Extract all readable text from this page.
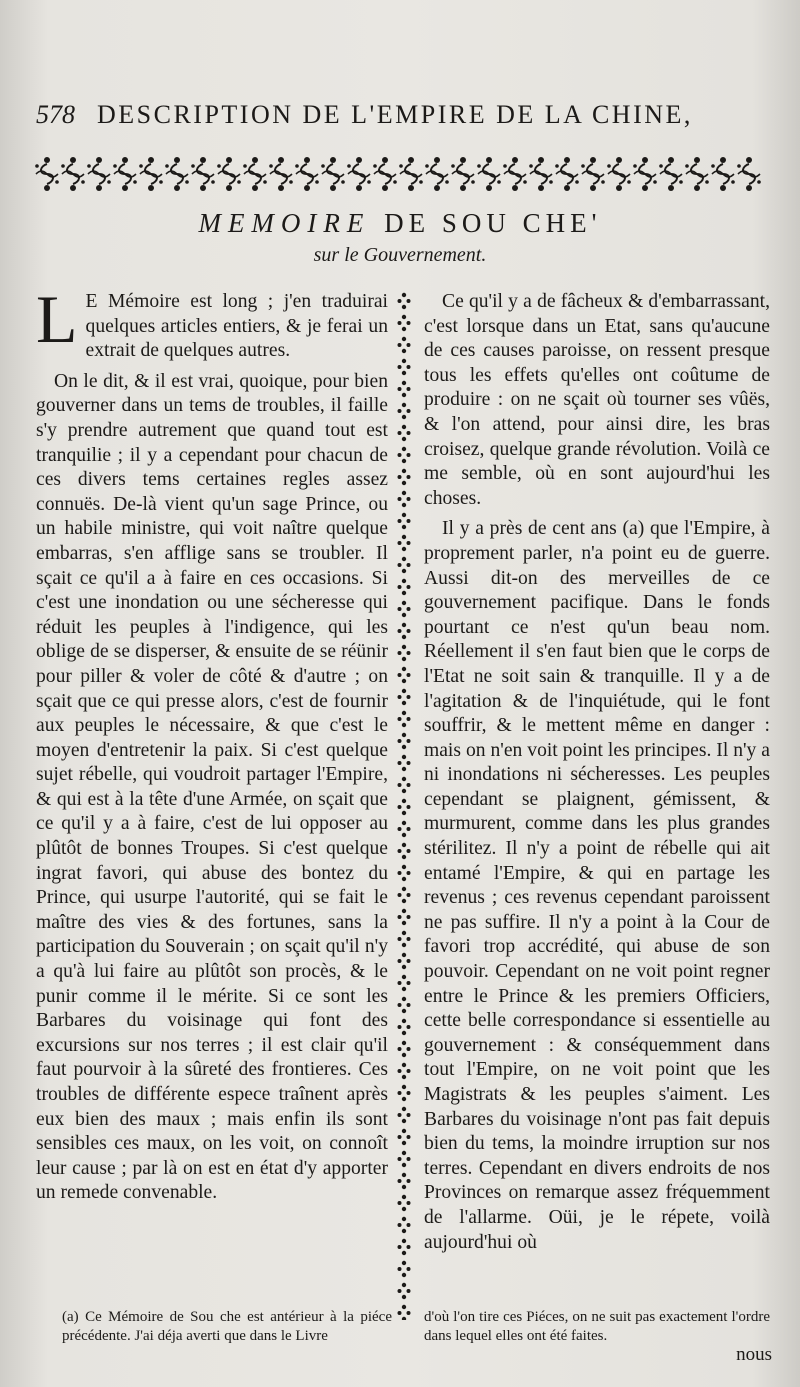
578 DESCRIPTION DE L'EMPIRE DE LA CHINE,
MEMOIRE DE SOU CHE'
sur le Gouvernement.

L E Mémoire est long ; j'en traduirai quelques articles entiers, & je ferai un extrait de quelques autres.

On le dit, & il est vrai, quoique, pour bien gouverner dans un tems de troubles, il faille s'y prendre autrement que quand tout est tranquilie ; il y a cependant pour chacun de ces divers tems certaines regles assez connuës. De-là vient qu'un sage Prince, ou un habile ministre, qui voit naître quelque embarras, s'en afflige sans se troubler. Il sçait ce qu'il a à faire en ces occasions. Si c'est une inondation ou une sécheresse qui réduit les peuples à l'indigence, qui les oblige de se disperser, & ensuite de se réünir pour piller & voler de côté & d'autre ; on sçait que ce qui presse alors, c'est de fournir aux peuples le nécessaire, & que c'est le moyen d'entretenir la paix. Si c'est quelque sujet rébelle, qui voudroit partager l'Empire, & qui est à la tête d'une Armée, on sçait que ce qu'il y a à faire, c'est de lui opposer au plûtôt de bonnes Troupes. Si c'est quelque ingrat favori, qui abuse des bontez du Prince, qui usurpe l'autorité, qui se fait le maître des vies & des fortunes, sans la participation du Souverain ; on sçait qu'il n'y a qu'à lui faire au plûtôt son procès, & le punir comme il le mérite. Si ce sont les Barbares du voisinage qui font des excursions sur nos terres ; il est clair qu'il faut pourvoir à la sûreté des frontieres. Ces troubles de différente espece traînent après eux bien des maux ; mais enfin ils sont sensibles ces maux, on les voit, on connoît leur cause ; par là on est en état d'y apporter un remede convenable.

Ce qu'il y a de fâcheux & d'embarrassant, c'est lorsque dans un Etat, sans qu'aucune de ces causes paroisse, on ressent presque tous les effets qu'elles ont coûtume de produire : on ne sçait où tourner ses vûës, & l'on attend, pour ainsi dire, les bras croisez, quelque grande révolution. Voilà ce me semble, où en sont aujourd'hui les choses.

Il y a près de cent ans (a) que l'Empire, à proprement parler, n'a point eu de guerre. Aussi dit-on des merveilles de ce gouvernement pacifique. Dans le fonds pourtant ce n'est qu'un beau nom. Réellement il s'en faut bien que le corps de l'Etat ne soit sain & tranquille. Il y a de l'agitation & de l'inquiétude, qui le font souffrir, & le mettent même en danger : mais on n'en voit point les principes. Il n'y a ni inondations ni sécheresses. Les peuples cependant se plaignent, gémissent, & murmurent, comme dans les plus grandes stérilitez. Il n'y a point de rébelle qui ait entamé l'Empire, & qui en partage les revenus ; ces revenus cependant paroissent ne pas suffire. Il n'y a point à la Cour de favori trop accrédité, qui abuse de son pouvoir. Cependant on ne voit point regner entre le Prince & les premiers Officiers, cette belle correspondance si essentielle au gouvernement : & conséquemment dans tout l'Empire, on ne voit point que les Magistrats & les peuples s'aiment. Les Barbares du voisinage n'ont pas fait depuis bien du tems, la moindre irruption sur nos terres. Cependant en divers endroits de nos Provinces on remarque assez fréquemment de l'allarme. Oüi, je le répete, voilà aujourd'hui où

(a) Ce Mémoire de Sou che est antérieur à la piéce précédente. J'ai déja averti que dans le Livre
d'où l'on tire ces Piéces, on ne suit pas exactement l'ordre dans lequel elles ont été faites.
nous
